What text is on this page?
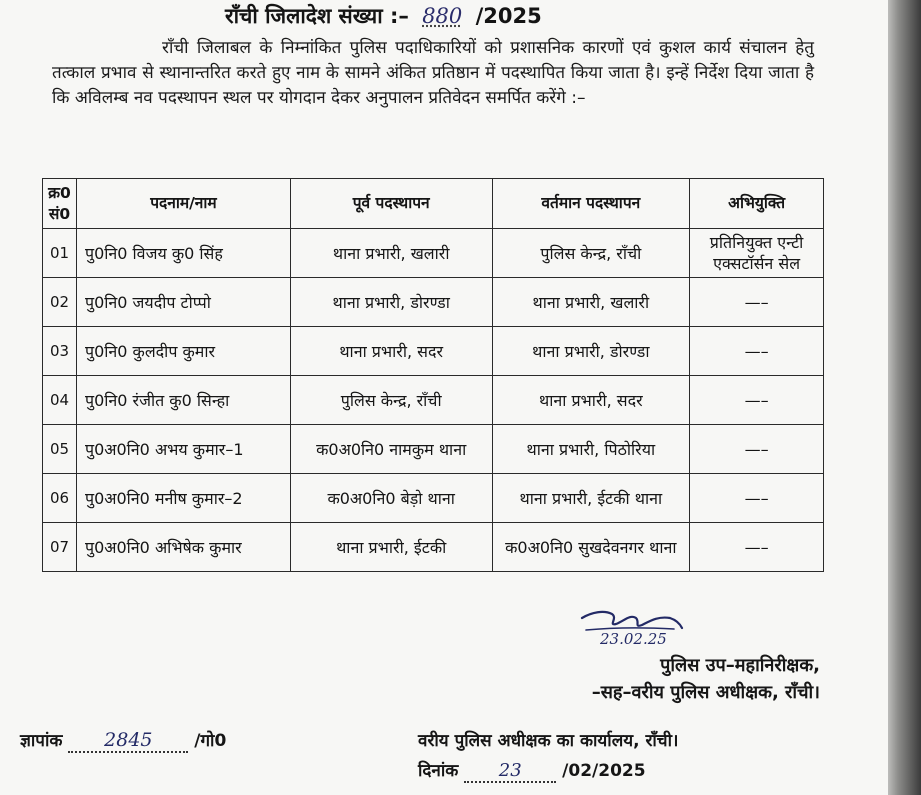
राँची जिलादेश संख्या :– 880 /2025
राँची जिलाबल के निम्नांकित पुलिस पदाधिकारियों को प्रशासनिक कारणों एवं कुशल कार्य संचालन हेतु तत्काल प्रभाव से स्थानान्तरित करते हुए नाम के सामने अंकित प्रतिष्ठान में पदस्थापित किया जाता है। इन्हें निर्देश दिया जाता है कि अविलम्ब नव पदस्थापन स्थल पर योगदान देकर अनुपालन प्रतिवेदन समर्पित करेंगे :–
क्र0 सं0	पदनाम/नाम	पूर्व पदस्थापन	वर्तमान पदस्थापन	अभियुक्ति
01	पु0नि0 विजय कु0 सिंह	थाना प्रभारी, खलारी	पुलिस केन्द्र, राँची	प्रतिनियुक्त एन्टी एक्सटॉर्सन सेल
02	पु0नि0 जयदीप टोप्पो	थाना प्रभारी, डोरण्डा	थाना प्रभारी, खलारी	—–
03	पु0नि0 कुलदीप कुमार	थाना प्रभारी, सदर	थाना प्रभारी, डोरण्डा	—–
04	पु0नि0 रंजीत कु0 सिन्हा	पुलिस केन्द्र, राँची	थाना प्रभारी, सदर	—–
05	पु0अ0नि0 अभय कुमार–1	क0अ0नि0 नामकुम थाना	थाना प्रभारी, पिठोरिया	—–
06	पु0अ0नि0 मनीष कुमार–2	क0अ0नि0 बेड़ो थाना	थाना प्रभारी, ईटकी थाना	—–
07	पु0अ0नि0 अभिषेक कुमार	थाना प्रभारी, ईटकी	क0अ0नि0 सुखदेवनगर थाना	—–
23.02.25
पुलिस उप–महानिरीक्षक,
–सह–वरीय पुलिस अधीक्षक, राँची।
ज्ञापांक 2845 /गो0	वरीय पुलिस अधीक्षक का कार्यालय, राँची।
दिनांक 23 /02/2025
